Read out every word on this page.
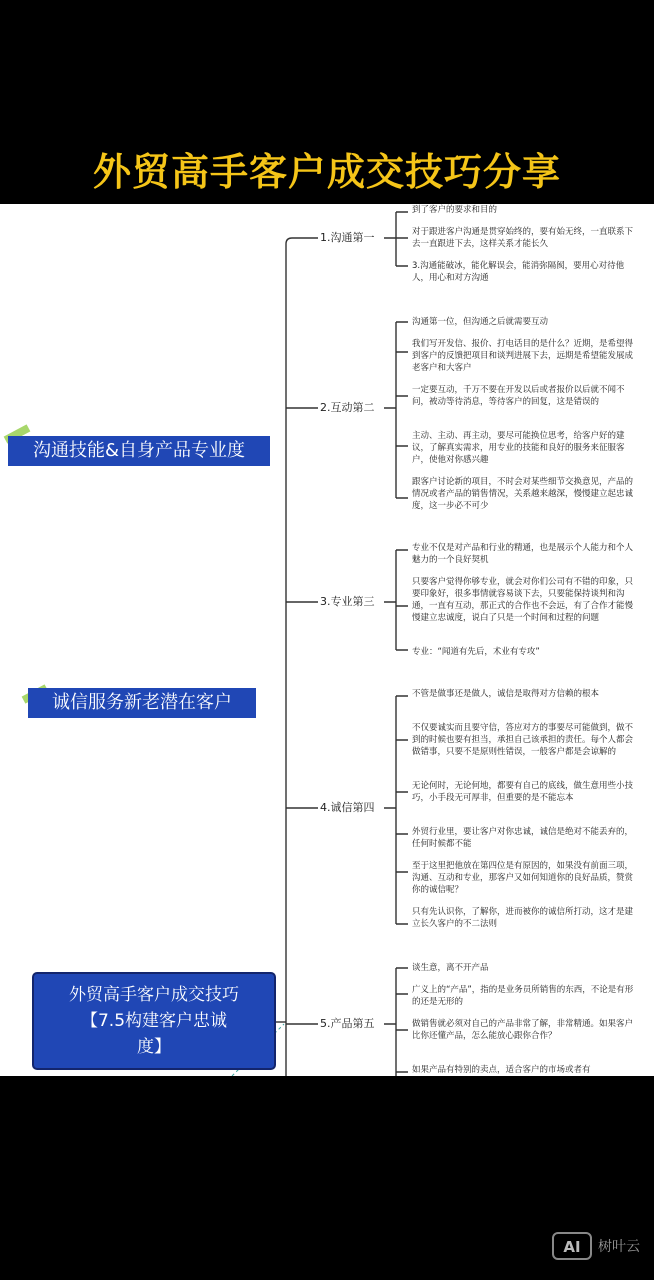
外贸高手客户成交技巧分享
沟通技能&自身产品专业度
诚信服务新老潜在客户
外贸高手客户成交技巧
【7.5构建客户忠诚
度】
1.沟通第一
到了客户的要求和目的
对于跟进客户沟通是贯穿始终的，要有始无终，一直联系下去一直跟进下去，这样关系才能长久
3.沟通能破冰，能化解误会，能消弥隔阂，要用心对待他人，用心和对方沟通
2.互动第二
沟通第一位，但沟通之后就需要互动
我们写开发信、报价、打电话目的是什么？近期，是希望得到客户的反馈把项目和谈判进展下去，远期是希望能发展成老客户和大客户
一定要互动，千万不要在开发以后或者报价以后就不闻不问，被动等待消息，等待客户的回复，这是错误的
主动、主动、再主动，要尽可能换位思考，给客户好的建议，了解真实需求，用专业的技能和良好的服务来征服客户，使他对你感兴趣
跟客户讨论新的项目，不时会对某些细节交换意见，产品的情况或者产品的销售情况，关系越来越深，慢慢建立起忠诚度，这一步必不可少
3.专业第三
专业不仅是对产品和行业的精通，也是展示个人能力和个人魅力的一个良好契机
只要客户觉得你够专业，就会对你们公司有不错的印象，只要印象好，很多事情就容易谈下去，只要能保持谈判和沟通，一直有互动，那正式的合作也不会远，有了合作才能慢慢建立忠诚度，说白了只是一个时间和过程的问题
专业：“闻道有先后，术业有专攻”
4.诚信第四
不管是做事还是做人，诚信是取得对方信赖的根本
不仅要诚实而且要守信，答应对方的事要尽可能做到，做不到的时候也要有担当，承担自己该承担的责任。每个人都会做错事，只要不是原则性错误，一般客户都是会谅解的
无论何时，无论何地，都要有自己的底线，做生意用些小技巧，小手段无可厚非，但重要的是不能忘本
外贸行业里，要让客户对你忠诚，诚信是绝对不能丢弃的，任何时候都不能
至于这里把他放在第四位是有原因的，如果没有前面三项，沟通、互动和专业，那客户又如何知道你的良好品质，赞赏你的诚信呢？
只有先认识你，了解你，进而被你的诚信所打动，这才是建立长久客户的不二法则
5.产品第五
谈生意，离不开产品
广义上的“产品”，指的是业务员所销售的东西，不论是有形的还是无形的
做销售就必须对自己的产品非常了解，非常精通。如果客户比你还懂产品，怎么能放心跟你合作？
如果产品有特别的卖点，适合客户的市场或者有
AI	树叶云
